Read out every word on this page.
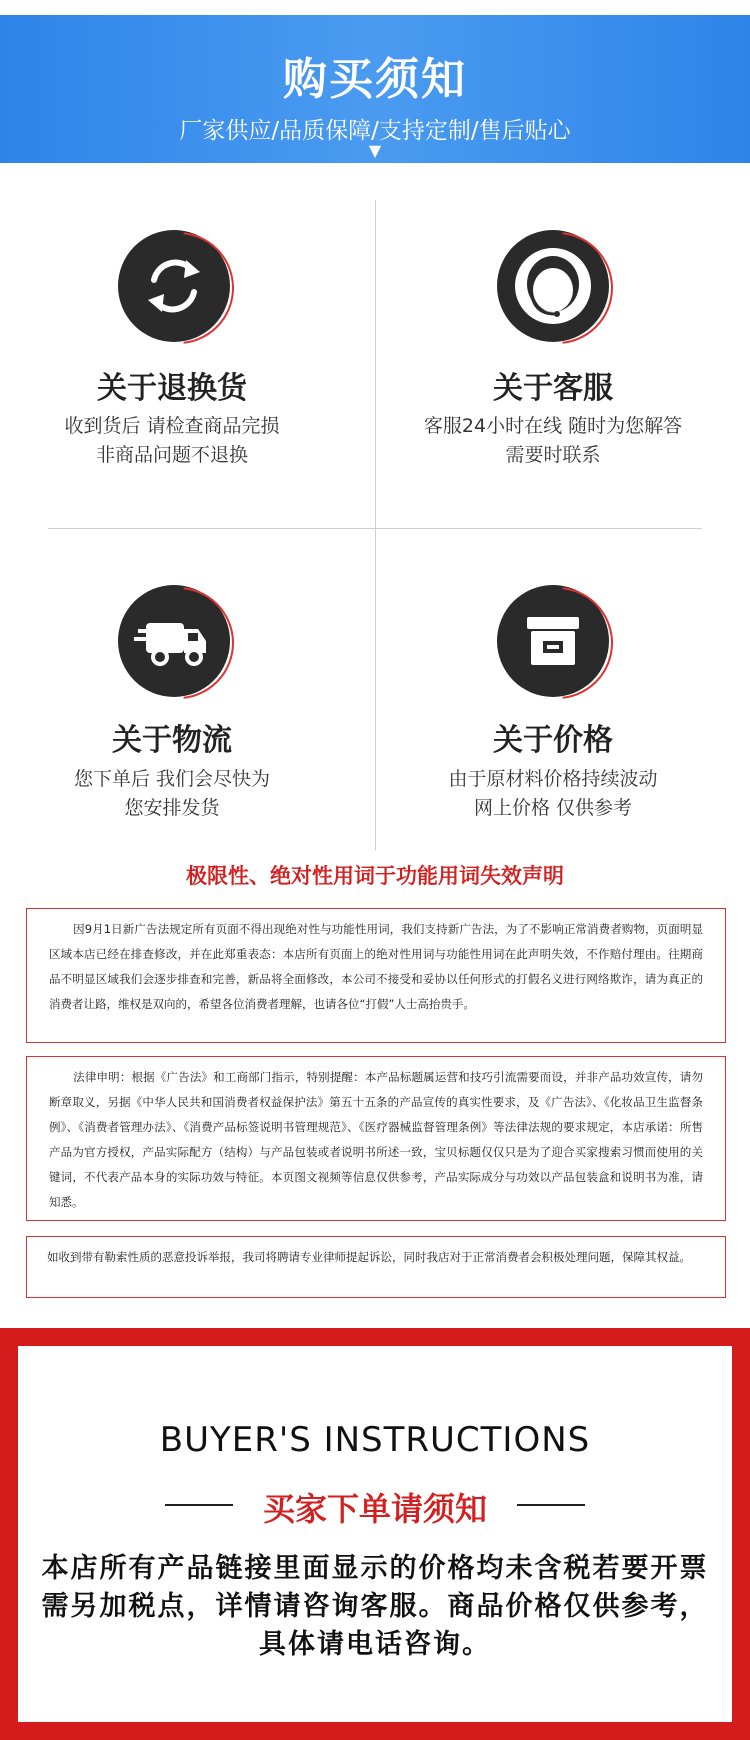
购买须知
厂家供应/品质保障/支持定制/售后贴心
▼
关于退换货
收到货后 请检查商品完损
非商品问题不退换
关于客服
客服24小时在线 随时为您解答
需要时联系
关于物流
您下单后 我们会尽快为
您安排发货
关于价格
由于原材料价格持续波动
网上价格 仅供参考
极限性、绝对性用词于功能用词失效声明
因9月1日新广告法规定所有页面不得出现绝对性与功能性用词，我们支持新广告法，为了不影响正常消费者购物，页面明显区域本店已经在排查修改，并在此郑重表态：本店所有页面上的绝对性用词与功能性用词在此声明失效，不作赔付理由。往期商品不明显区域我们会逐步排查和完善，新品将全面修改，本公司不接受和妥协以任何形式的打假名义进行网络欺诈，请为真正的消费者让路，维权是双向的，希望各位消费者理解，也请各位“打假”人士高抬贵手。
法律申明：根据《广告法》和工商部门指示，特别提醒：本产品标题属运营和技巧引流需要而设，并非产品功效宣传，请勿断章取义，另据《中华人民共和国消费者权益保护法》第五十五条的产品宣传的真实性要求，及《广告法》、《化妆品卫生监督条例》、《消费者管理办法》、《消费产品标签说明书管理规范》、《医疗器械监督管理条例》等法律法规的要求规定，本店承诺：所售产品为官方授权，产品实际配方（结构）与产品包装或者说明书所述一致，宝贝标题仅仅只是为了迎合买家搜索习惯而使用的关键词，不代表产品本身的实际功效与特征。本页图文视频等信息仅供参考，产品实际成分与功效以产品包装盒和说明书为准，请知悉。
如收到带有勒索性质的恶意投诉举报，我司将聘请专业律师提起诉讼，同时我店对于正常消费者会积极处理问题，保障其权益。
BUYER'S INSTRUCTIONS
买家下单请须知
本店所有产品链接里面显示的价格均未含税若要开票需另加税点，详情请咨询客服。商品价格仅供参考，具体请电话咨询。
